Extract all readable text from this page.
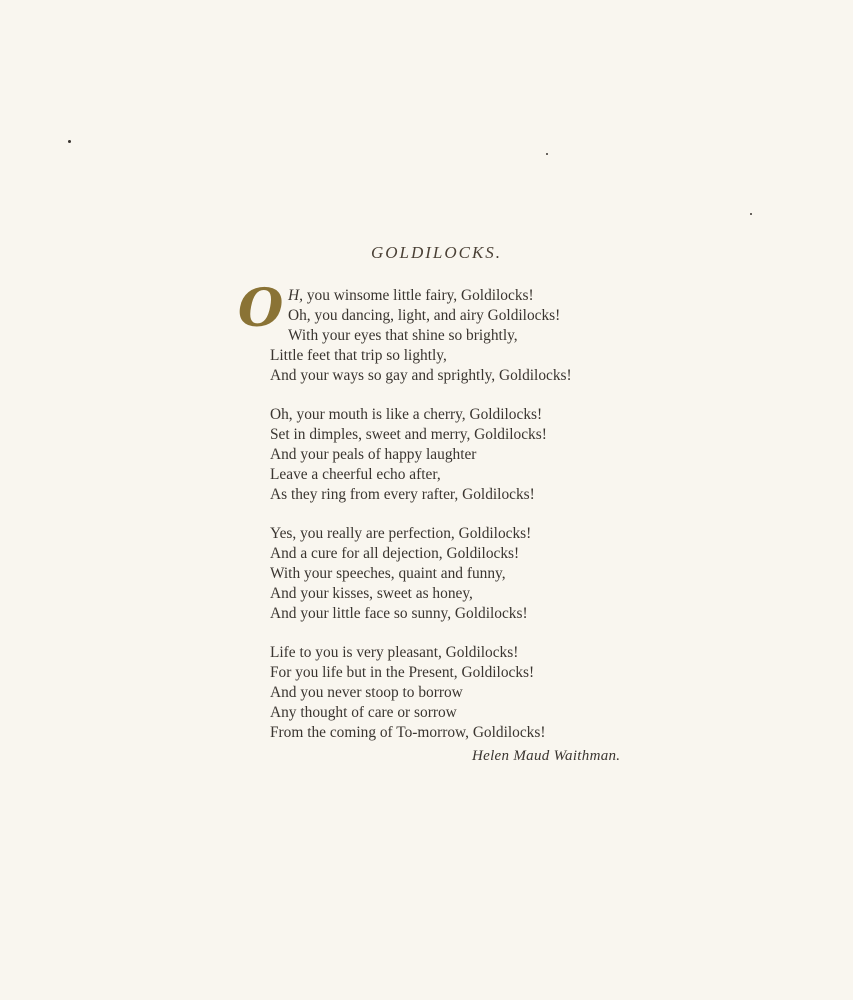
GOLDILOCKS.
O H, you winsome little fairy, Goldilocks!
Oh, you dancing, light, and airy Goldilocks!
With your eyes that shine so brightly,
Little feet that trip so lightly,
And your ways so gay and sprightly, Goldilocks!
Oh, your mouth is like a cherry, Goldilocks!
Set in dimples, sweet and merry, Goldilocks!
And your peals of happy laughter
Leave a cheerful echo after,
As they ring from every rafter, Goldilocks!
Yes, you really are perfection, Goldilocks!
And a cure for all dejection, Goldilocks!
With your speeches, quaint and funny,
And your kisses, sweet as honey,
And your little face so sunny, Goldilocks!
Life to you is very pleasant, Goldilocks!
For you life but in the Present, Goldilocks!
And you never stoop to borrow
Any thought of care or sorrow
From the coming of To-morrow, Goldilocks!
Helen Maud Waithman.
